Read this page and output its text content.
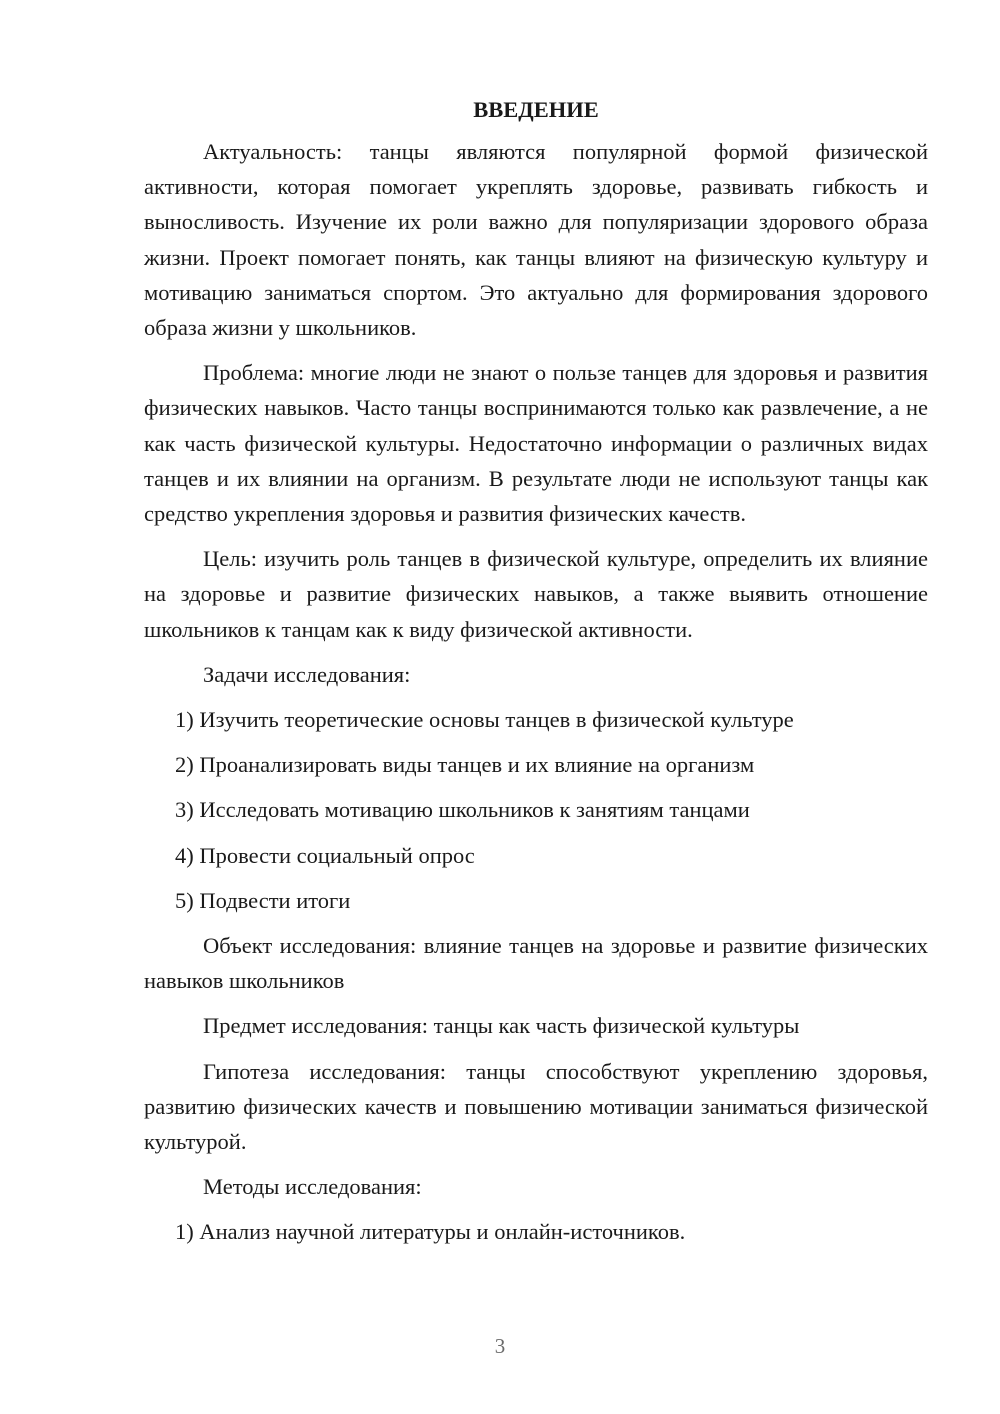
ВВЕДЕНИЕ

Актуальность: танцы являются популярной формой физической активности, которая помогает укреплять здоровье, развивать гибкость и выносливость. Изучение их роли важно для популяризации здорового образа жизни. Проект помогает понять, как танцы влияют на физическую культуру и мотивацию заниматься спортом. Это актуально для формирования здорового образа жизни у школьников.

Проблема: многие люди не знают о пользе танцев для здоровья и развития физических навыков. Часто танцы воспринимаются только как развлечение, а не как часть физической культуры. Недостаточно информации о различных видах танцев и их влиянии на организм. В результате люди не используют танцы как средство укрепления здоровья и развития физических качеств.

Цель: изучить роль танцев в физической культуре, определить их влияние на здоровье и развитие физических навыков, а также выявить отношение школьников к танцам как к виду физической активности.

Задачи исследования:

1) Изучить теоретические основы танцев в физической культуре

2) Проанализировать виды танцев и их влияние на организм

3) Исследовать мотивацию школьников к занятиям танцами

4) Провести социальный опрос

5) Подвести итоги

Объект исследования: влияние танцев на здоровье и развитие физических навыков школьников

Предмет исследования: танцы как часть физической культуры

Гипотеза исследования: танцы способствуют укреплению здоровья, развитию физических качеств и повышению мотивации заниматься физической культурой.

Методы исследования:

1) Анализ научной литературы и онлайн-источников.

3
